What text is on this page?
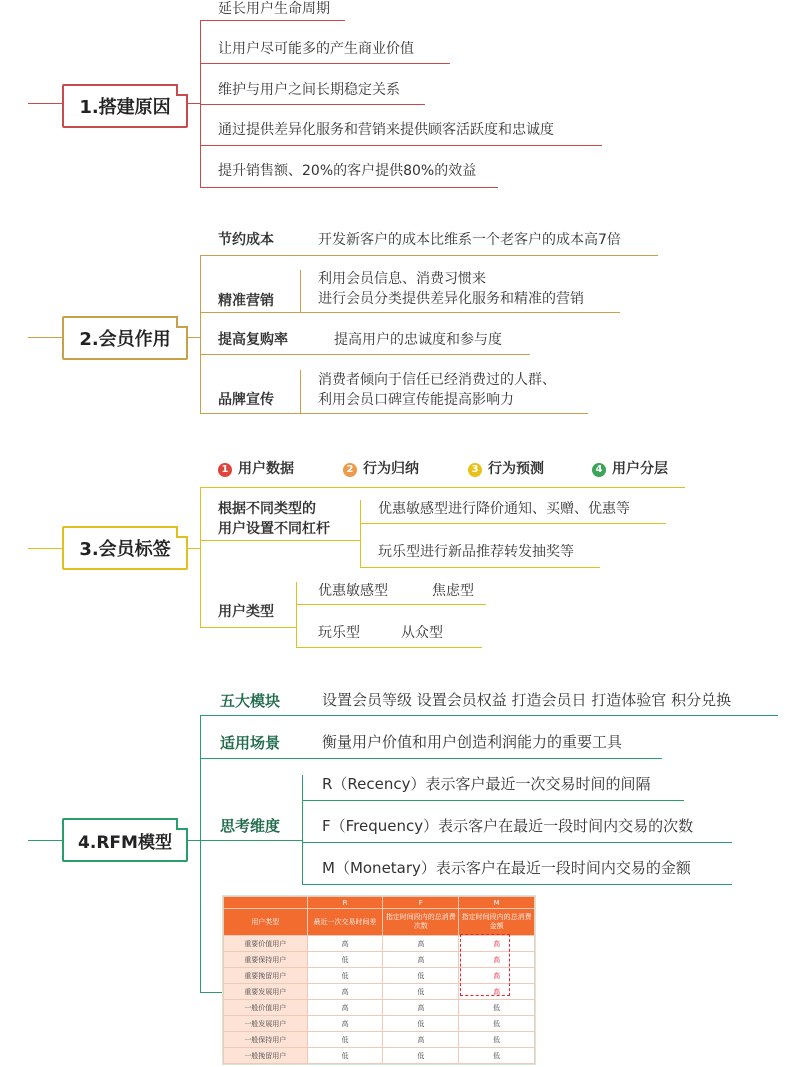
1.搭建原因
延长用户生命周期
让用户尽可能多的产生商业价值
维护与用户之间长期稳定关系
通过提供差异化服务和营销来提供顾客活跃度和忠诚度
提升销售额、20%的客户提供80%的效益
2.会员作用
节约成本	开发新客户的成本比维系一个老客户的成本高7倍
利用会员信息、消费习惯来
进行会员分类提供差异化服务和精准的营销
精准营销
提高复购率	提高用户的忠诚度和参与度
消费者倾向于信任已经消费过的人群、
利用会员口碑宣传能提高影响力
品牌宣传
1 用户数据	2 行为归纳	3 行为预测	4 用户分层
3.会员标签
根据不同类型的
用户设置不同杠杆
优惠敏感型进行降价通知、买赠、优惠等
玩乐型进行新品推荐转发抽奖等
用户类型
优惠敏感型	焦虑型
玩乐型	从众型
4.RFM模型
五大模块	设置会员等级 设置会员权益 打造会员日 打造体验官 积分兑换
适用场景	衡量用户价值和用户创造利润能力的重要工具
思考维度
R（Recency）表示客户最近一次交易时间的间隔
F（Frequency）表示客户在最近一段时间内交易的次数
M（Monetary）表示客户在最近一段时间内交易的金额
	R	F	M
用户类型	最近一次交易时间差	指定时间段内的总消费次数	指定时间段内的总消费金额
重要价值用户	高	高	高
重要保持用户	低	高	高
重要挽留用户	低	低	高
重要发展用户	高	低	高
一般价值用户	高	高	低
一般发展用户	高	低	低
一般保持用户	低	高	低
一般挽留用户	低	低	低
